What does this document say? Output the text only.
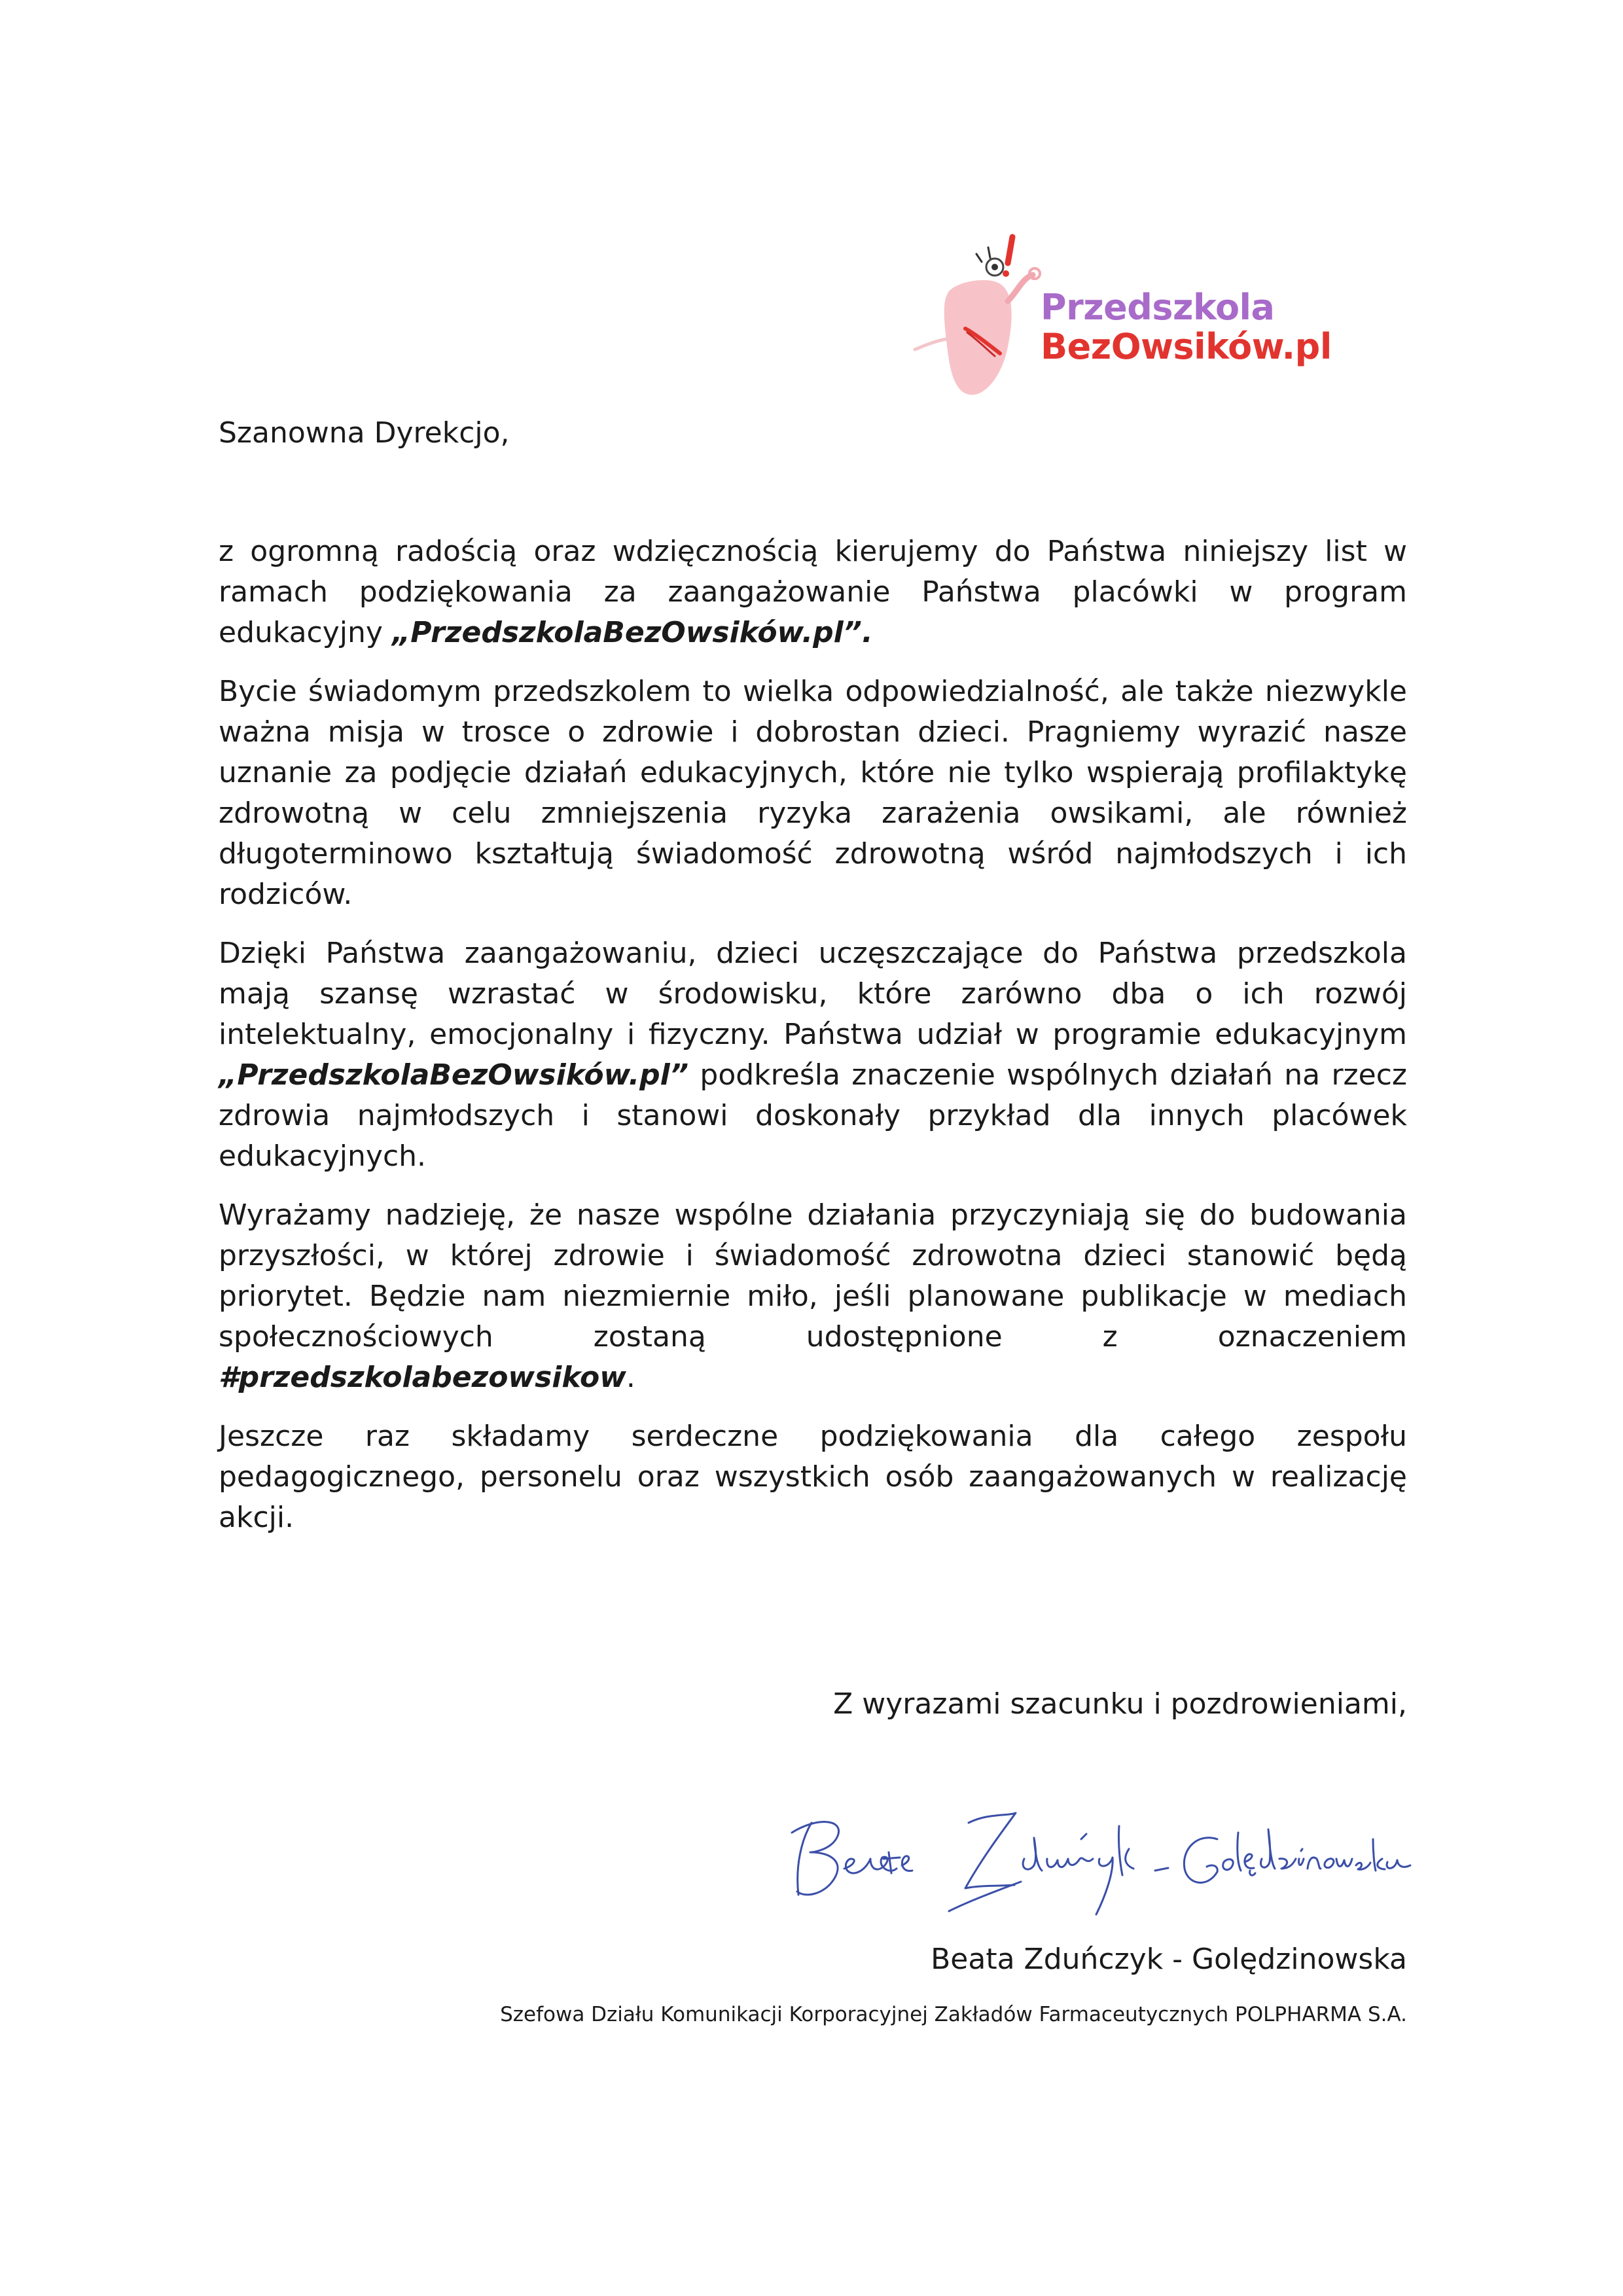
Przedszkola
BezOwsików.pl
Szanowna Dyrekcjo,

z ogromną radością oraz wdzięcznością kierujemy do Państwa niniejszy list w ramach podziękowania za zaangażowanie Państwa placówki w program edukacyjny „PrzedszkolaBezOwsików.pl”.

Bycie świadomym przedszkolem to wielka odpowiedzialność, ale także niezwykle ważna misja w trosce o zdrowie i dobrostan dzieci. Pragniemy wyrazić nasze uznanie za podjęcie działań edukacyjnych, które nie tylko wspierają profilaktykę zdrowotną w celu zmniejszenia ryzyka zarażenia owsikami, ale również długoterminowo kształtują świadomość zdrowotną wśród najmłodszych i ich rodziców.

Dzięki Państwa zaangażowaniu, dzieci uczęszczające do Państwa przedszkola mają szansę wzrastać w środowisku, które zarówno dba o ich rozwój intelektualny, emocjonalny i fizyczny. Państwa udział w programie edukacyjnym „PrzedszkolaBezOwsików.pl” podkreśla znaczenie wspólnych działań na rzecz zdrowia najmłodszych i stanowi doskonały przykład dla innych placówek edukacyjnych.

Wyrażamy nadzieję, że nasze wspólne działania przyczyniają się do budowania przyszłości, w której zdrowie i świadomość zdrowotna dzieci stanowić będą priorytet. Będzie nam niezmiernie miło, jeśli planowane publikacje w mediach społecznościowych zostaną udostępnione z oznaczeniem #przedszkolabezowsikow.

Jeszcze raz składamy serdeczne podziękowania dla całego zespołu pedagogicznego, personelu oraz wszystkich osób zaangażowanych w realizację akcji.

Z wyrazami szacunku i pozdrowieniami,
Beata Zduńczyk - Golędzinowska
Szefowa Działu Komunikacji Korporacyjnej Zakładów Farmaceutycznych POLPHARMA S.A.
